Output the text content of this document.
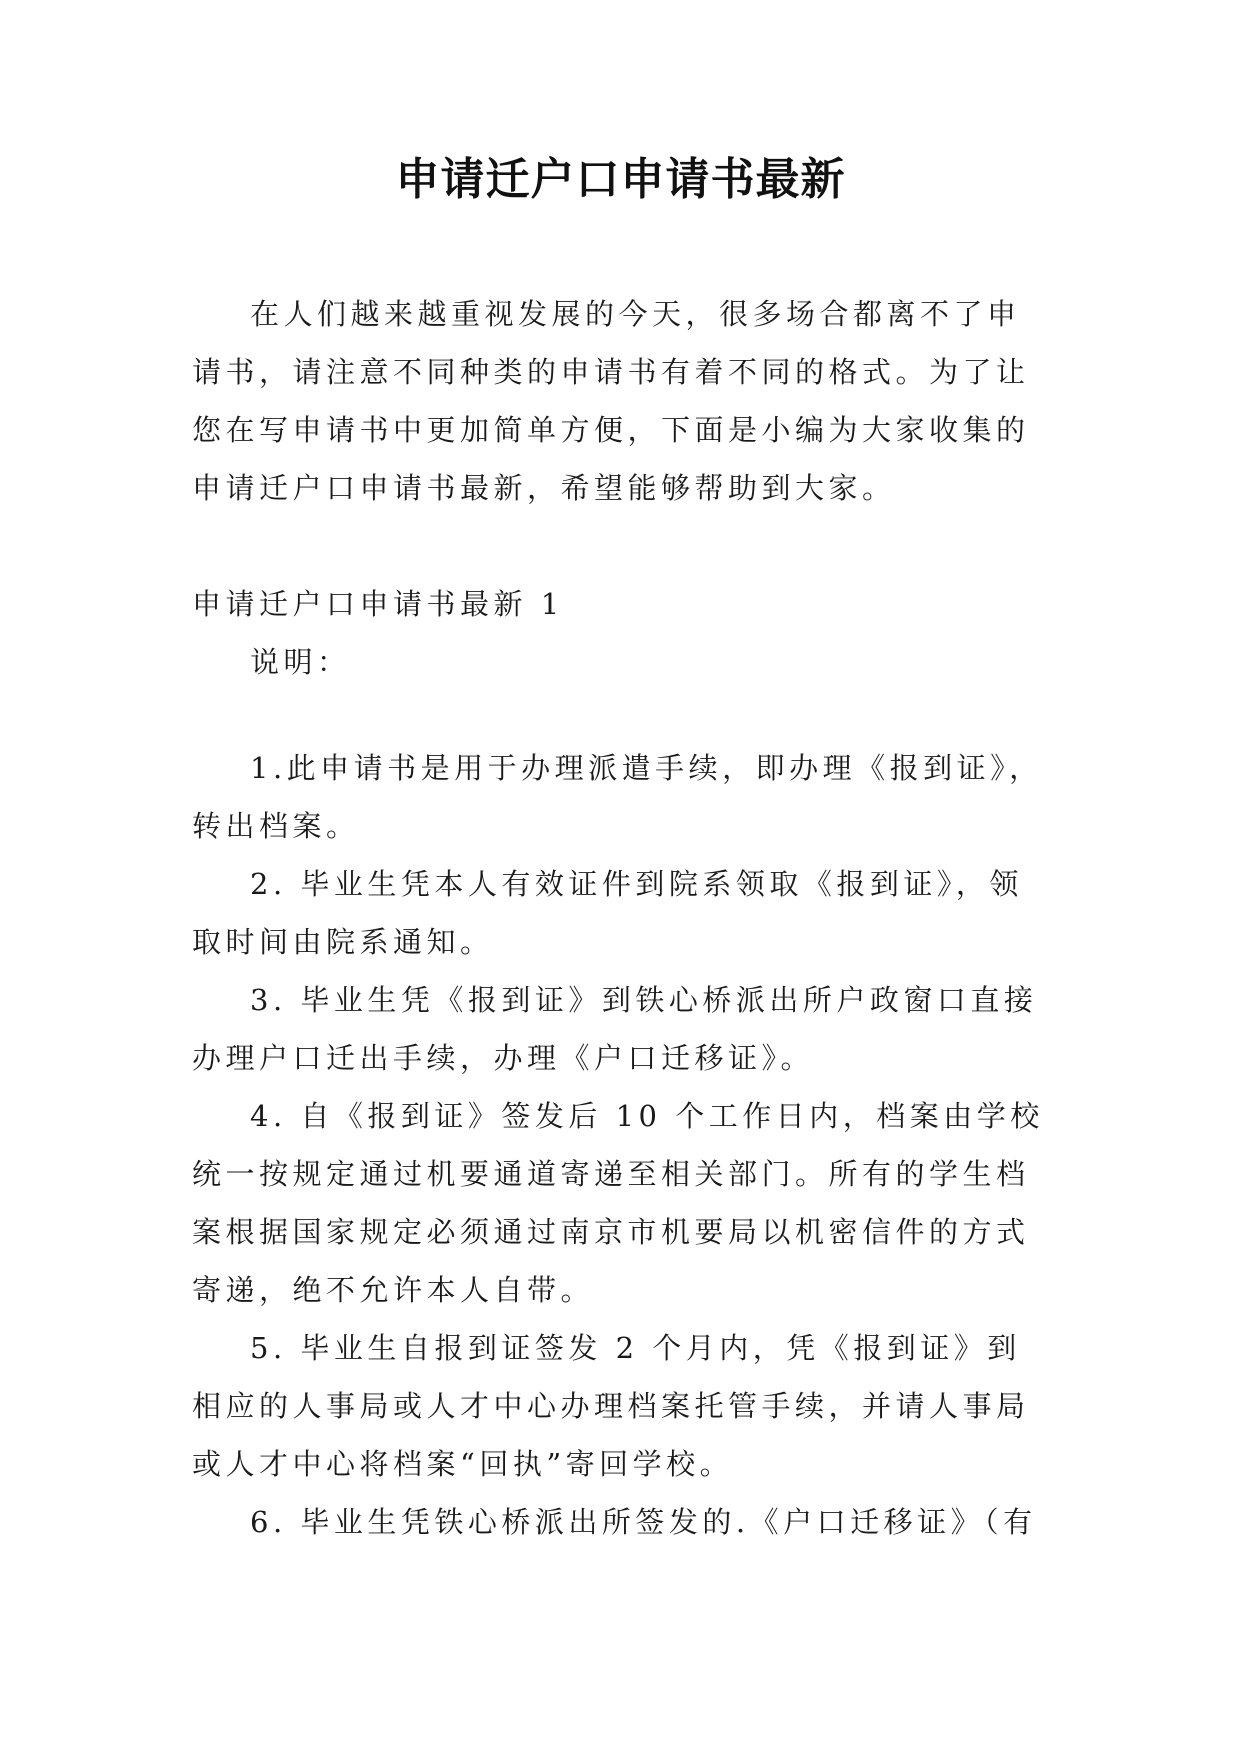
申请迁户口申请书最新

在人们越来越重视发展的今天，很多场合都离不了申请书，请注意不同种类的申请书有着不同的格式。为了让您在写申请书中更加简单方便，下面是小编为大家收集的申请迁户口申请书最新，希望能够帮助到大家。

申请迁户口申请书最新 1

说明：

1.此申请书是用于办理派遣手续，即办理《报到证》，转出档案。

2. 毕业生凭本人有效证件到院系领取《报到证》，领取时间由院系通知。

3. 毕业生凭《报到证》到铁心桥派出所户政窗口直接办理户口迁出手续，办理《户口迁移证》。

4. 自《报到证》签发后 10 个工作日内，档案由学校统一按规定通过机要通道寄递至相关部门。所有的学生档案根据国家规定必须通过南京市机要局以机密信件的方式寄递，绝不允许本人自带。

5. 毕业生自报到证签发 2 个月内，凭《报到证》到相应的人事局或人才中心办理档案托管手续，并请人事局或人才中心将档案“回执”寄回学校。

6. 毕业生凭铁心桥派出所签发的.《户口迁移证》（有
